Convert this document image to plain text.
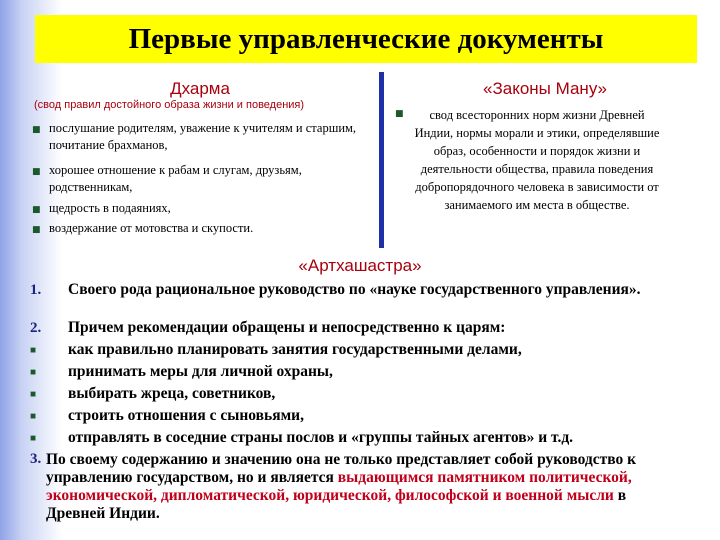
Первые управленческие документы
Дхарма
(свод правил достойного образа жизни и поведения)
■ послушание родителям, уважение к учителям и старшим, почитание брахманов,
■ хорошее отношение к рабам и слугам, друзьям, родственникам,
■ щедрость в подаяниях,
■ воздержание от мотовства и скупости.
«Законы Ману»
■	свод всесторонних норм жизни Древней Индии, нормы морали и этики, определявшие образ, особенности и порядок жизни и деятельности общества, правила поведения добропорядочного человека в зависимости от занимаемого им места в обществе.
«Артхашастра»
1. Своего рода рациональное руководство по «науке государственного управления».
2. Причем рекомендации обращены и непосредственно к царям:
■ как правильно планировать занятия государственными делами,
■ принимать меры для личной охраны,
■ выбирать жреца, советников,
■ строить отношения с сыновьями,
■ отправлять в соседние страны послов и «группы тайных агентов» и т.д.
3. По своему содержанию и значению она не только представляет собой руководство к управлению государством, но и является выдающимся памятником политической, экономической, дипломатической, юридической, философской и военной мысли в Древней Индии.
